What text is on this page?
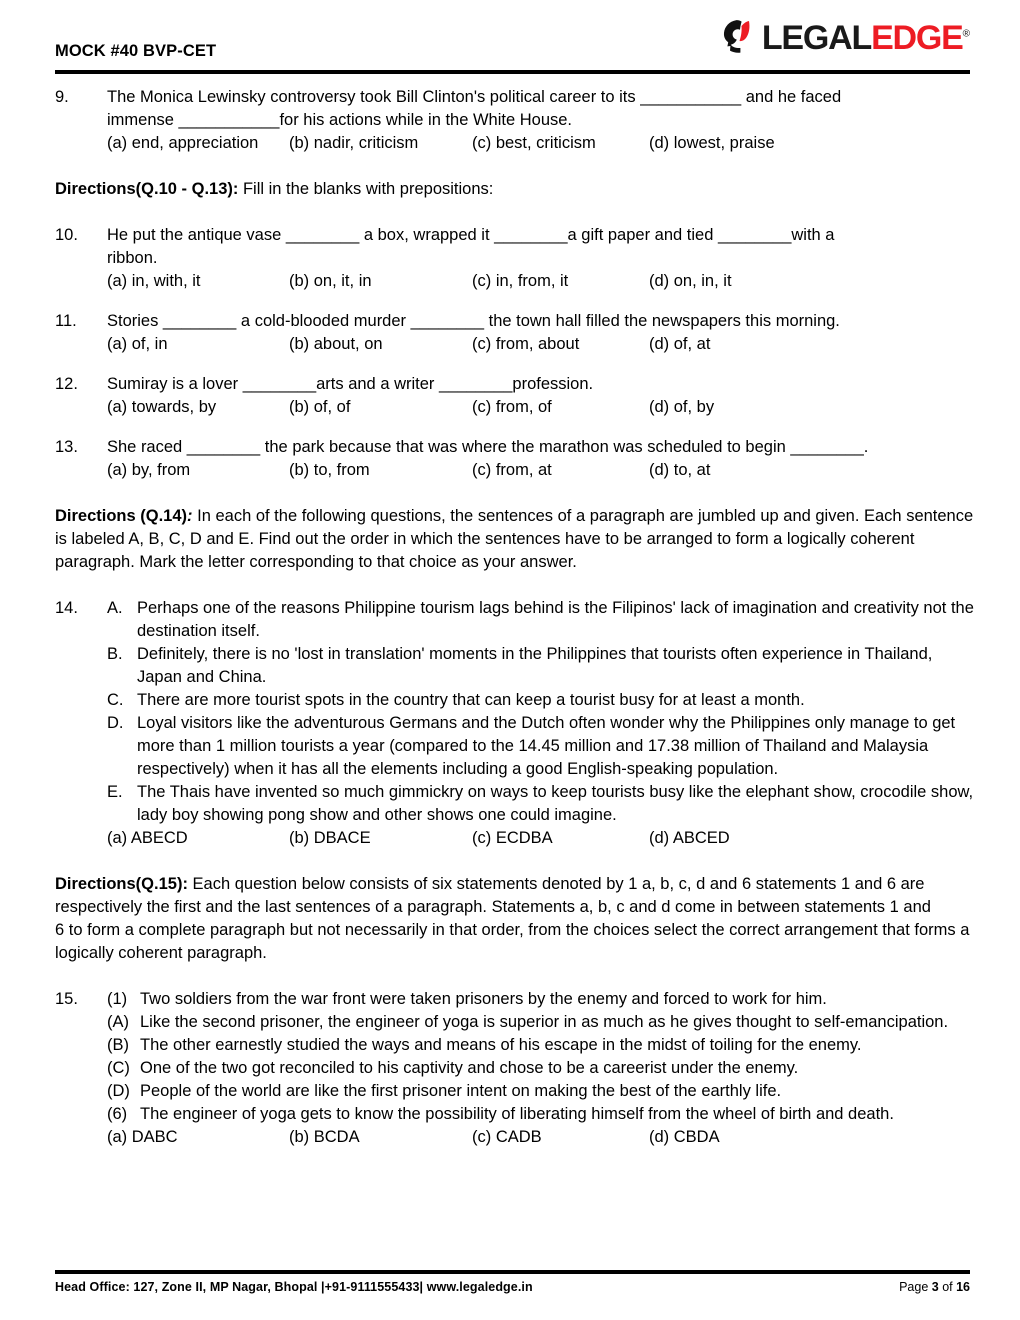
MOCK #40 BVP-CET	LEGALEDGE®
9.	The Monica Lewinsky controversy took Bill Clinton's political career to its ___________ and he faced
immense ___________for his actions while in the White House.
(a) end, appreciation	(b) nadir, criticism	(c) best, criticism	(d) lowest, praise
Directions(Q.10 - Q.13): Fill in the blanks with prepositions:
10.	He put the antique vase ________ a box, wrapped it ________a gift paper and tied ________with a
ribbon.
(a) in, with, it	(b) on, it, in	(c) in, from, it	(d) on, in, it
11.	Stories ________ a cold-blooded murder ________ the town hall filled the newspapers this morning.
(a) of, in	(b) about, on	(c) from, about	(d) of, at
12.	Sumiray is a lover ________arts and a writer ________profession.
(a) towards, by	(b) of, of	(c) from, of	(d) of, by
13.	She raced ________ the park because that was where the marathon was scheduled to begin ________.
(a) by, from	(b) to, from	(c) from, at	(d) to, at
Directions (Q.14): In each of the following questions, the sentences of a paragraph are jumbled up and given. Each sentence is labeled A, B, C, D and E. Find out the order in which the sentences have to be arranged to form a logically coherent paragraph. Mark the letter corresponding to that choice as your answer.
14.	A. Perhaps one of the reasons Philippine tourism lags behind is the Filipinos' lack of imagination and creativity not the destination itself.
B. Definitely, there is no 'lost in translation' moments in the Philippines that tourists often experience in Thailand, Japan and China.
C. There are more tourist spots in the country that can keep a tourist busy for at least a month.
D. Loyal visitors like the adventurous Germans and the Dutch often wonder why the Philippines only manage to get more than 1 million tourists a year (compared to the 14.45 million and 17.38 million of Thailand and Malaysia respectively) when it has all the elements including a good English-speaking population.
E. The Thais have invented so much gimmickry on ways to keep tourists busy like the elephant show, crocodile show, lady boy showing pong show and other shows one could imagine.
(a) ABECD	(b) DBACE	(c) ECDBA	(d) ABCED
Directions(Q.15): Each question below consists of six statements denoted by 1 a, b, c, d and 6 statements 1 and 6 are respectively the first and the last sentences of a paragraph. Statements a, b, c and d come in between statements 1 and
6 to form a complete paragraph but not necessarily in that order, from the choices select the correct arrangement that forms a logically coherent paragraph.
15.	(1) Two soldiers from the war front were taken prisoners by the enemy and forced to work for him.
(A) Like the second prisoner, the engineer of yoga is superior in as much as he gives thought to self-emancipation.
(B) The other earnestly studied the ways and means of his escape in the midst of toiling for the enemy.
(C) One of the two got reconciled to his captivity and chose to be a careerist under the enemy.
(D) People of the world are like the first prisoner intent on making the best of the earthly life.
(6) The engineer of yoga gets to know the possibility of liberating himself from the wheel of birth and death.
(a) DABC	(b) BCDA	(c) CADB	(d) CBDA
Head Office: 127, Zone II, MP Nagar, Bhopal |+91-9111555433| www.legaledge.in	Page 3 of 16
